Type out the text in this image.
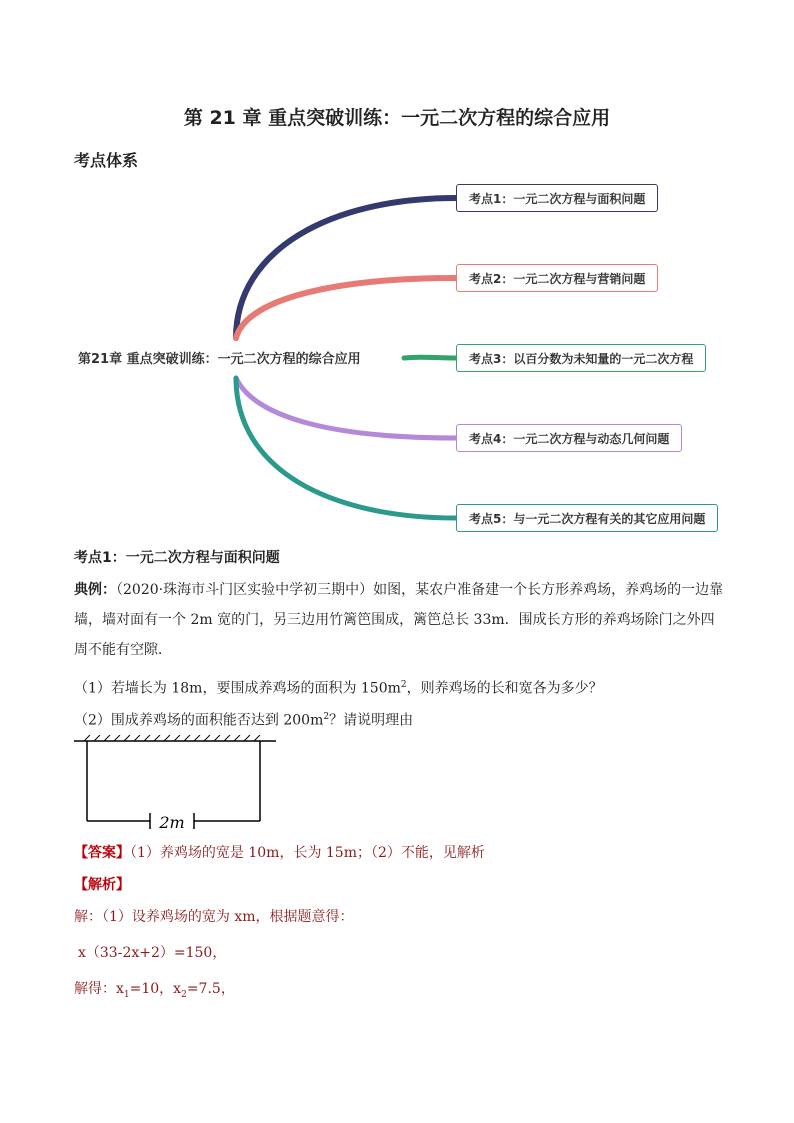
第 21 章 重点突破训练：一元二次方程的综合应用
考点体系
第21章 重点突破训练：一元二次方程的综合应用
考点1：一元二次方程与面积问题
考点2：一元二次方程与营销问题
考点3：以百分数为未知量的一元二次方程
考点4：一元二次方程与动态几何问题
考点5：与一元二次方程有关的其它应用问题
考点1：一元二次方程与面积问题
典例：（2020·珠海市斗门区实验中学初三期中）如图，某农户准备建一个长方形养鸡场，养鸡场的一边靠墙，墙对面有一个 2m 宽的门，另三边用竹篱笆围成，篱笆总长 33m．围成长方形的养鸡场除门之外四周不能有空隙．
（1）若墙长为 18m，要围成养鸡场的面积为 $150m^2$，则养鸡场的长和宽各为多少？
（2）围成养鸡场的面积能否达到 $200m^2$？请说明理由
2m
【答案】（1）养鸡场的宽是 10m，长为 15m；（2）不能，见解析
【解析】
解：（1）设养鸡场的宽为 xm，根据题意得：
x（33-2x+2）=150，
解得：$x_1=10$，$x_2=7.5$，
